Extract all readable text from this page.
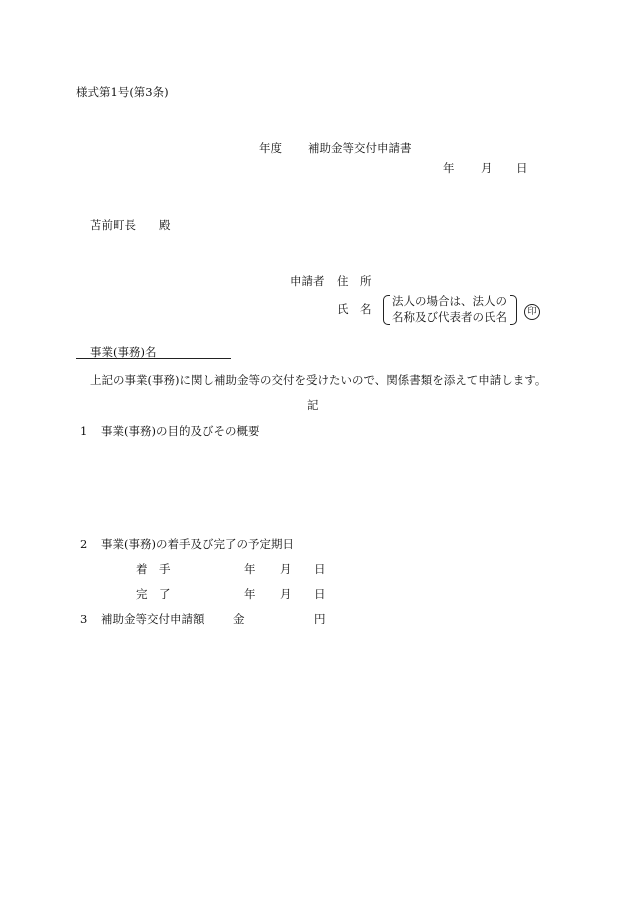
様式第1号(第3条)
年度 補助金等交付申請書
年 月 日
苫前町長 殿
申請者 住　所
氏　名
法人の場合は、法人の
名称及び代表者の氏名	印
事業(事務)名
上記の事業(事務)に関し補助金等の交付を受けたいので、関係書類を添えて申請します。
記
1 事業(事務)の目的及びその概要
2 事業(事務)の着手及び完了の予定期日
着　手	年 月 日
完　了	年 月 日
3 補助金等交付申請額 金	円
